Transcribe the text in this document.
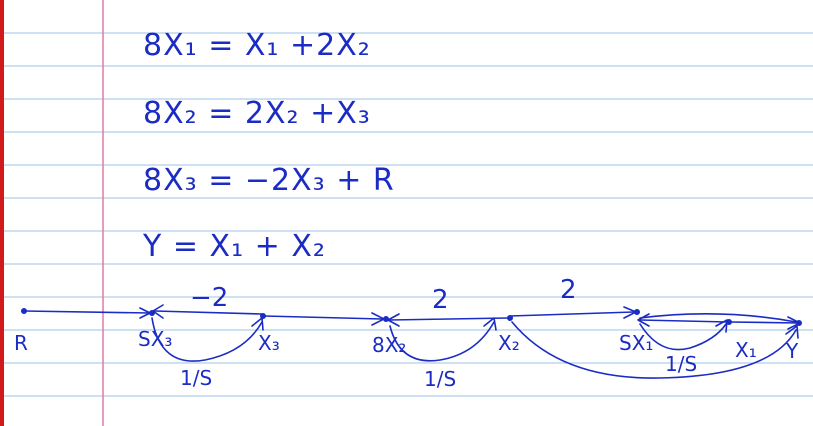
8X₁ = X₁ +2X₂
8X₂ = 2X₂ +X₃
8X₃ = −2X₃ + R
Y = X₁ + X₂
R	SX₃	X₃	8X₂	X₂	SX₁	X₁ Y
−2
1/S
2
1/S
2
1/S
